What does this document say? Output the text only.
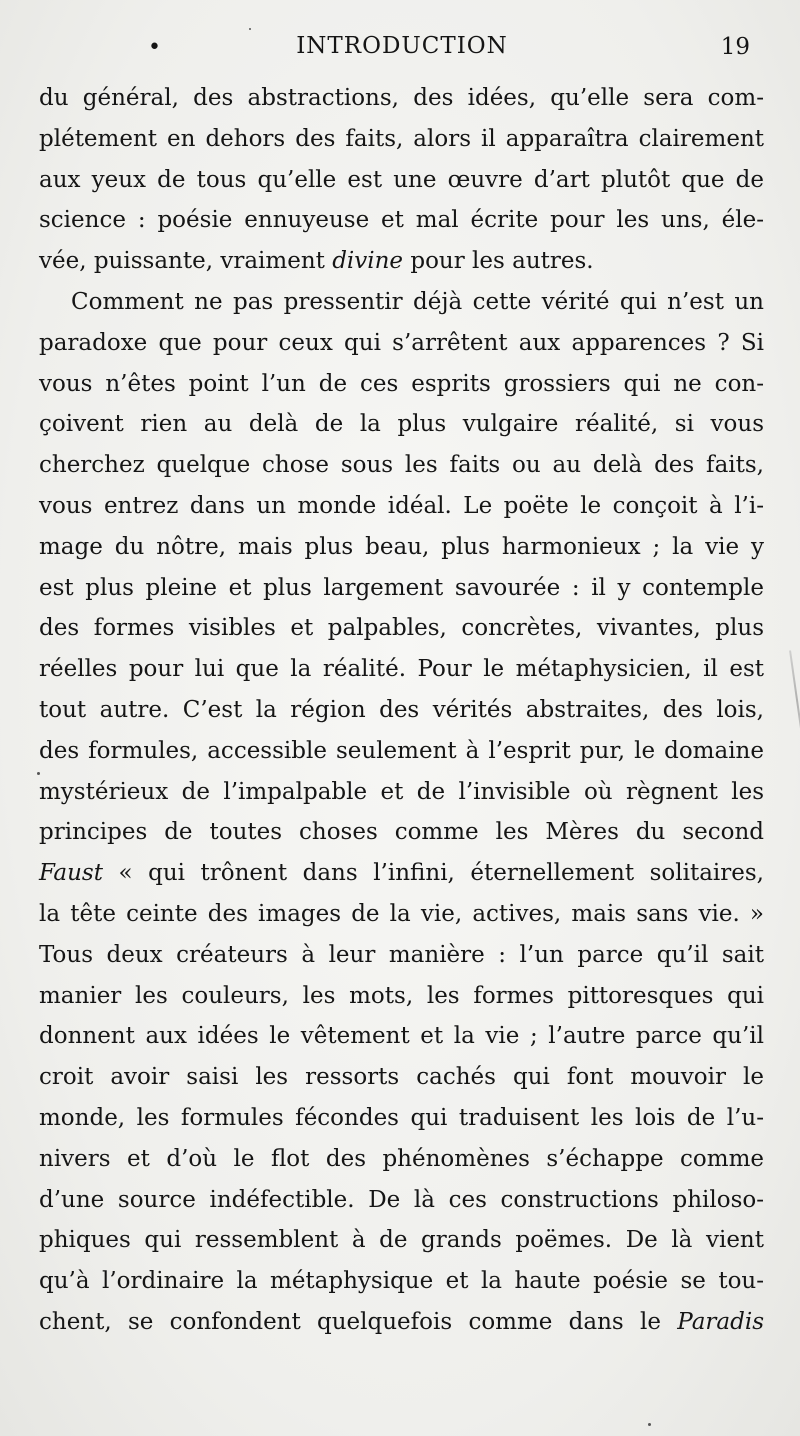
•	INTRODUCTION	19
du général, des abstractions, des idées, qu’elle sera com-
plétement en dehors des faits, alors il apparaîtra clairement
aux yeux de tous qu’elle est une œuvre d’art plutôt que de
science : poésie ennuyeuse et mal écrite pour les uns, éle-
vée, puissante, vraiment divine pour les autres.
Comment ne pas pressentir déjà cette vérité qui n’est un
paradoxe que pour ceux qui s’arrêtent aux apparences ? Si
vous n’êtes point l’un de ces esprits grossiers qui ne con-
çoivent rien au delà de la plus vulgaire réalité, si vous
cherchez quelque chose sous les faits ou au delà des faits,
vous entrez dans un monde idéal. Le poëte le conçoit à l’i-
mage du nôtre, mais plus beau, plus harmonieux ; la vie y
est plus pleine et plus largement savourée : il y contemple
des formes visibles et palpables, concrètes, vivantes, plus
réelles pour lui que la réalité. Pour le métaphysicien, il est
tout autre. C’est la région des vérités abstraites, des lois,
des formules, accessible seulement à l’esprit pur, le domaine
mystérieux de l’impalpable et de l’invisible où règnent les
principes de toutes choses comme les Mères du second
Faust « qui trônent dans l’infini, éternellement solitaires,
la tête ceinte des images de la vie, actives, mais sans vie. »
Tous deux créateurs à leur manière : l’un parce qu’il sait
manier les couleurs, les mots, les formes pittoresques qui
donnent aux idées le vêtement et la vie ; l’autre parce qu’il
croit avoir saisi les ressorts cachés qui font mouvoir le
monde, les formules fécondes qui traduisent les lois de l’u-
nivers et d’où le flot des phénomènes s’échappe comme
d’une source indéfectible. De là ces constructions philoso-
phiques qui ressemblent à de grands poëmes. De là vient
qu’à l’ordinaire la métaphysique et la haute poésie se tou-
chent, se confondent quelquefois comme dans le Paradis
